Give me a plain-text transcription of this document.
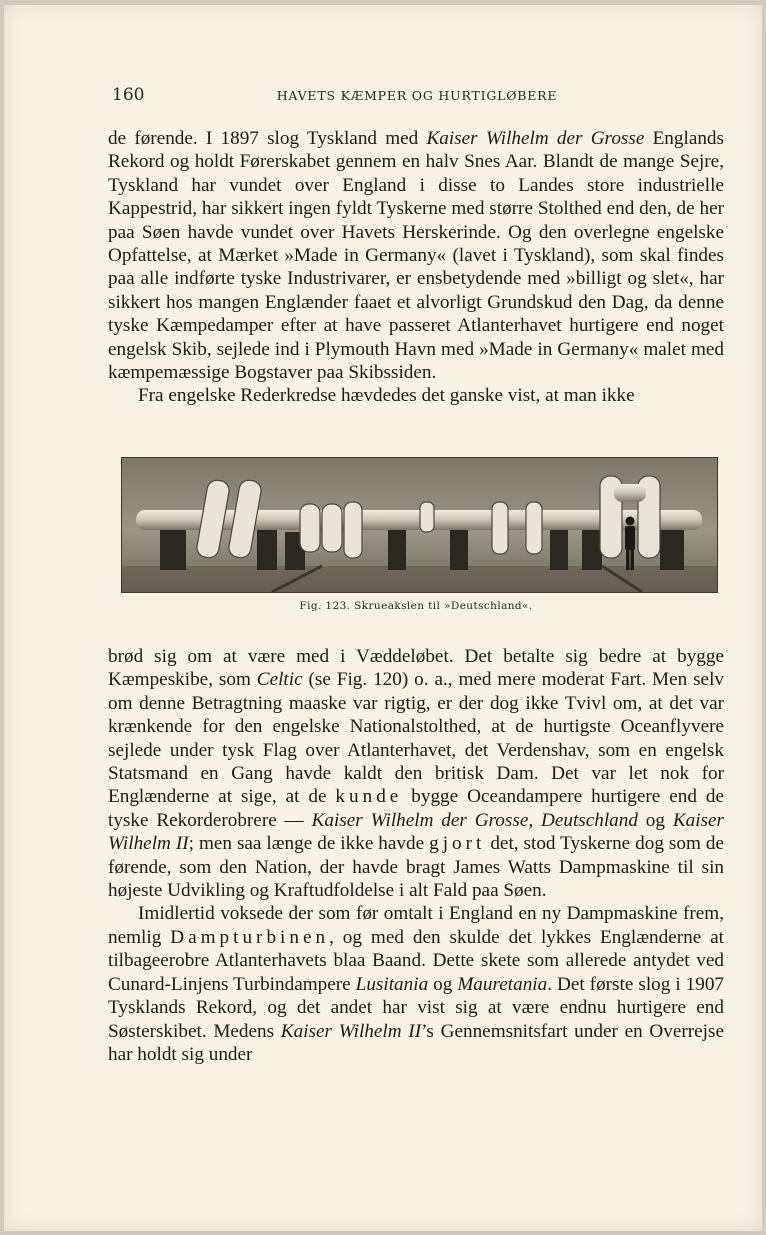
160	HAVETS KÆMPER OG HURTIGLØBERE

de førende. I 1897 slog Tyskland med Kaiser Wilhelm der Grosse Englands Rekord og holdt Førerskabet gennem en halv Snes Aar. Blandt de mange Sejre, Tyskland har vundet over England i disse to Landes store industrielle Kappestrid, har sikkert ingen fyldt Tyskerne med større Stolthed end den, de her paa Søen havde vundet over Havets Herskerinde. Og den overlegne engelske Opfattelse, at Mærket »Made in Germany« (lavet i Tyskland), som skal findes paa alle indførte tyske Industrivarer, er ensbetydende med »billigt og slet«, har sikkert hos mangen Englænder faaet et alvorligt Grundskud den Dag, da denne tyske Kæmpedamper efter at have passeret Atlanterhavet hurtigere end noget engelsk Skib, sejlede ind i Plymouth Havn med »Made in Germany« malet med kæmpemæssige Bogstaver paa Skibssiden.

Fra engelske Rederkredse hævdedes det ganske vist, at man ikke

Fig. 123. Skrueakslen til »Deutschland«.

brød sig om at være med i Væddeløbet. Det betalte sig bedre at bygge Kæmpeskibe, som Celtic (se Fig. 120) o. a., med mere moderat Fart. Men selv om denne Betragtning maaske var rigtig, er der dog ikke Tvivl om, at det var krænkende for den engelske Nationalstolthed, at de hurtigste Oceanflyvere sejlede under tysk Flag over Atlanterhavet, det Verdenshav, som en engelsk Statsmand en Gang havde kaldt den britisk Dam. Det var let nok for Englænderne at sige, at de kunde bygge Oceandampere hurtigere end de tyske Rekorderobrere — Kaiser Wilhelm der Grosse, Deutschland og Kaiser Wilhelm II; men saa længe de ikke havde gjort det, stod Tyskerne dog som de førende, som den Nation, der havde bragt James Watts Dampmaskine til sin højeste Udvikling og Kraftudfoldelse i alt Fald paa Søen.

Imidlertid voksede der som før omtalt i England en ny Dampmaskine frem, nemlig Dampturbinen, og med den skulde det lykkes Englænderne at tilbageerobre Atlanterhavets blaa Baand. Dette skete som allerede antydet ved Cunard-Linjens Turbindampere Lusitania og Mauretania. Det første slog i 1907 Tysklands Rekord, og det andet har vist sig at være endnu hurtigere end Søsterskibet. Medens Kaiser Wilhelm II’s Gennemsnitsfart under en Overrejse har holdt sig under
